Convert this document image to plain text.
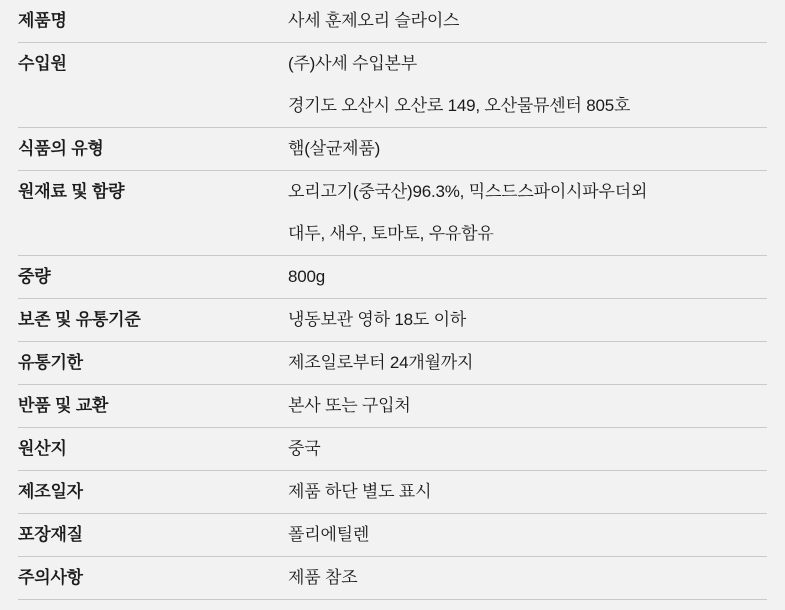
제품명	사세 훈제오리 슬라이스
수입원	(주)사세 수입본부
	경기도 오산시 오산로 149, 오산물뮤센터 805호
식품의 유형	햄(살균제품)
원재료 및 함량	오리고기(중국산)96.3%, 믹스드스파이시파우더외
	대두, 새우, 토마토, 우유함유
중량	800g
보존 및 유통기준	냉동보관 영하 18도 이하
유통기한	제조일로부터 24개월까지
반품 및 교환	본사 또는 구입처
원산지	중국
제조일자	제품 하단 별도 표시
포장재질	폴리에틸렌
주의사항	제품 참조
